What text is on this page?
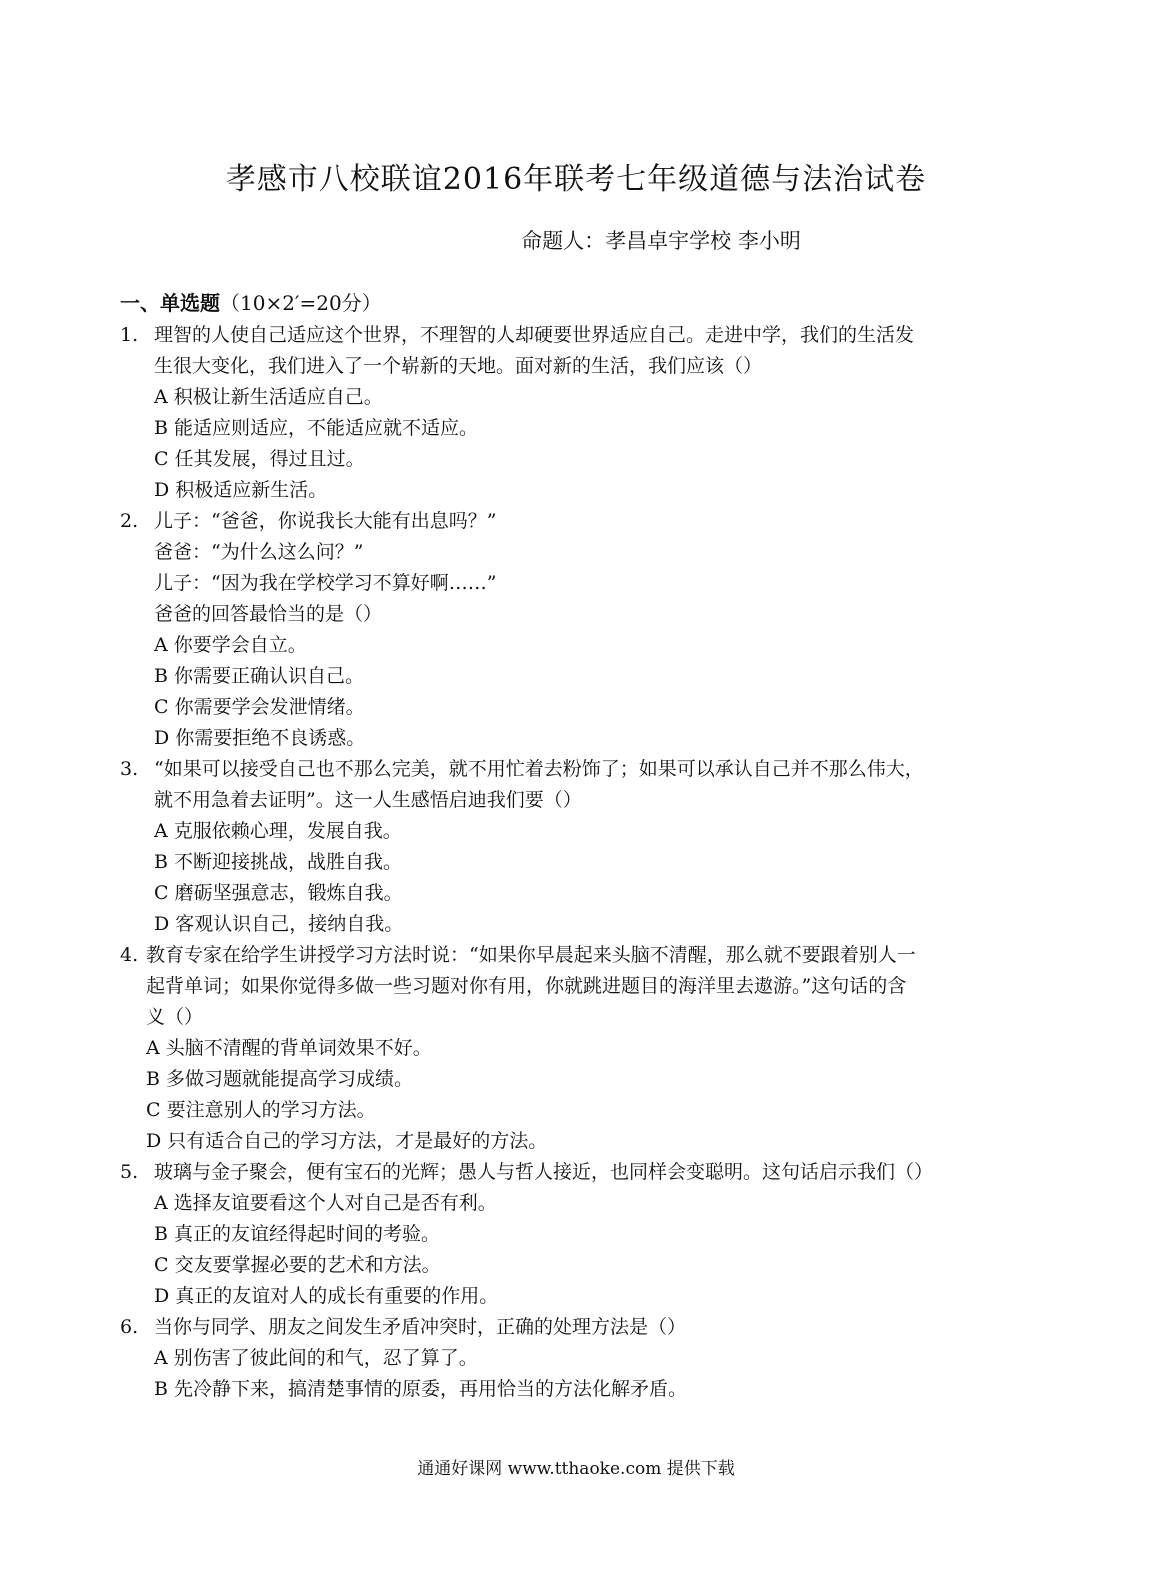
孝感市八校联谊2016年联考七年级道德与法治试卷
命题人：孝昌卓宇学校 李小明
一、单选题（10×2′=20分）
1. 理智的人使自己适应这个世界，不理智的人却硬要世界适应自己。走进中学，我们的生活发
生很大变化，我们进入了一个崭新的天地。面对新的生活，我们应该（）
A 积极让新生活适应自己。
B 能适应则适应，不能适应就不适应。
C 任其发展，得过且过。
D 积极适应新生活。
2. 儿子：“爸爸，你说我长大能有出息吗？”
爸爸：“为什么这么问？”
儿子：“因为我在学校学习不算好啊……”
爸爸的回答最恰当的是（）
A 你要学会自立。
B 你需要正确认识自己。
C 你需要学会发泄情绪。
D 你需要拒绝不良诱惑。
3. “如果可以接受自己也不那么完美，就不用忙着去粉饰了；如果可以承认自己并不那么伟大，
就不用急着去证明”。这一人生感悟启迪我们要（）
A 克服依赖心理，发展自我。
B 不断迎接挑战，战胜自我。
C 磨砺坚强意志，锻炼自我。
D 客观认识自己，接纳自我。
4. 教育专家在给学生讲授学习方法时说：“如果你早晨起来头脑不清醒，那么就不要跟着别人一
起背单词；如果你觉得多做一些习题对你有用，你就跳进题目的海洋里去遨游。”这句话的含
义（）
A 头脑不清醒的背单词效果不好。
B 多做习题就能提高学习成绩。
C 要注意别人的学习方法。
D 只有适合自己的学习方法，才是最好的方法。
5. 玻璃与金子聚会，便有宝石的光辉；愚人与哲人接近，也同样会变聪明。这句话启示我们（）
A 选择友谊要看这个人对自己是否有利。
B 真正的友谊经得起时间的考验。
C 交友要掌握必要的艺术和方法。
D 真正的友谊对人的成长有重要的作用。
6. 当你与同学、朋友之间发生矛盾冲突时，正确的处理方法是（）
A 别伤害了彼此间的和气，忍了算了。
B 先冷静下来，搞清楚事情的原委，再用恰当的方法化解矛盾。
通通好课网 www.tthaoke.com 提供下载
